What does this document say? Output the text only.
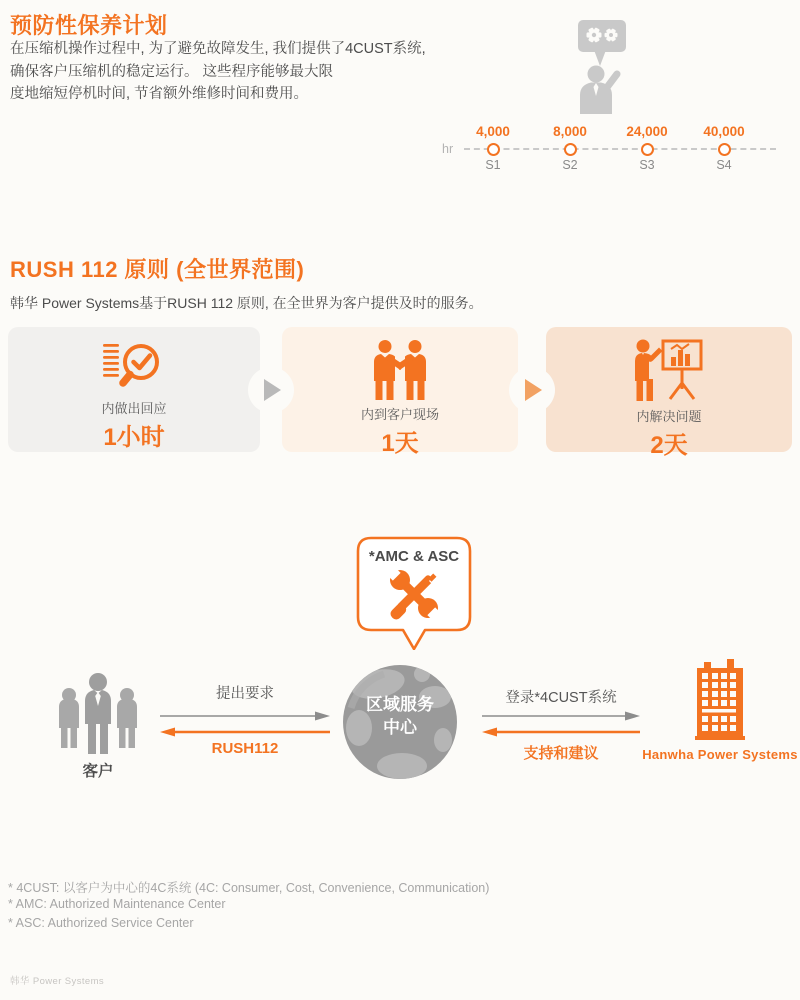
预防性保养计划
在压缩机操作过程中, 为了避免故障发生, 我们提供了4CUST系统,
确保客户压缩机的稳定运行。 这些程序能够最大限
度地缩短停机时间, 节省额外维修时间和费用。
hr
4,000
S1
8,000
S2
24,000
S3
40,000
S4
RUSH 112 原则 (全世界范围)
韩华 Power Systems基于RUSH 112 原则, 在全世界为客户提供及时的服务。
内做出回应
1小时
内到客户现场
1天
内解决问题
2天
*AMC & ASC
区域服务
中心
客户
提出要求
RUSH112
登录*4CUST系统
支持和建议	Hanwha Power Systems
* 4CUST: 以客户为中心的4C系统 (4C: Consumer, Cost, Convenience, Communication)
* AMC: Authorized Maintenance Center
* ASC: Authorized Service Center
韩华 Power Systems
